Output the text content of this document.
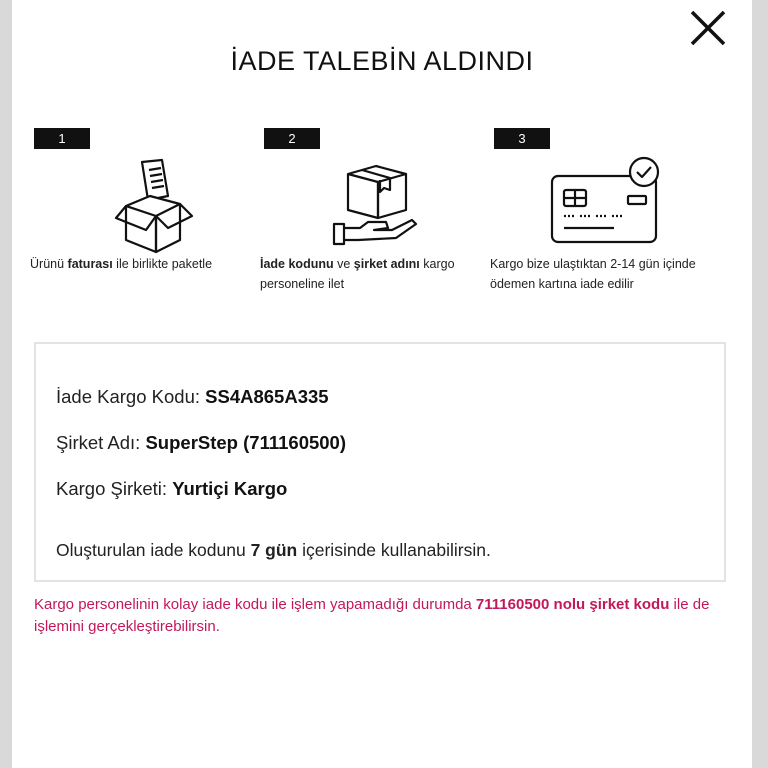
İADE TALEBİN ALDINDI
1
Ürünü faturası ile birlikte paketle
2
İade kodunu ve şirket adını kargo personeline ilet
3
Kargo bize ulaştıktan 2-14 gün içinde ödemen kartına iade edilir
İade Kargo Kodu: SS4A865A335
Şirket Adı: SuperStep (711160500)
Kargo Şirketi: Yurtiçi Kargo
Oluşturulan iade kodunu 7 gün içerisinde kullanabilirsin.
Kargo personelinin kolay iade kodu ile işlem yapamadığı durumda 711160500 nolu şirket kodu ile de işlemini gerçekleştirebilirsin.
